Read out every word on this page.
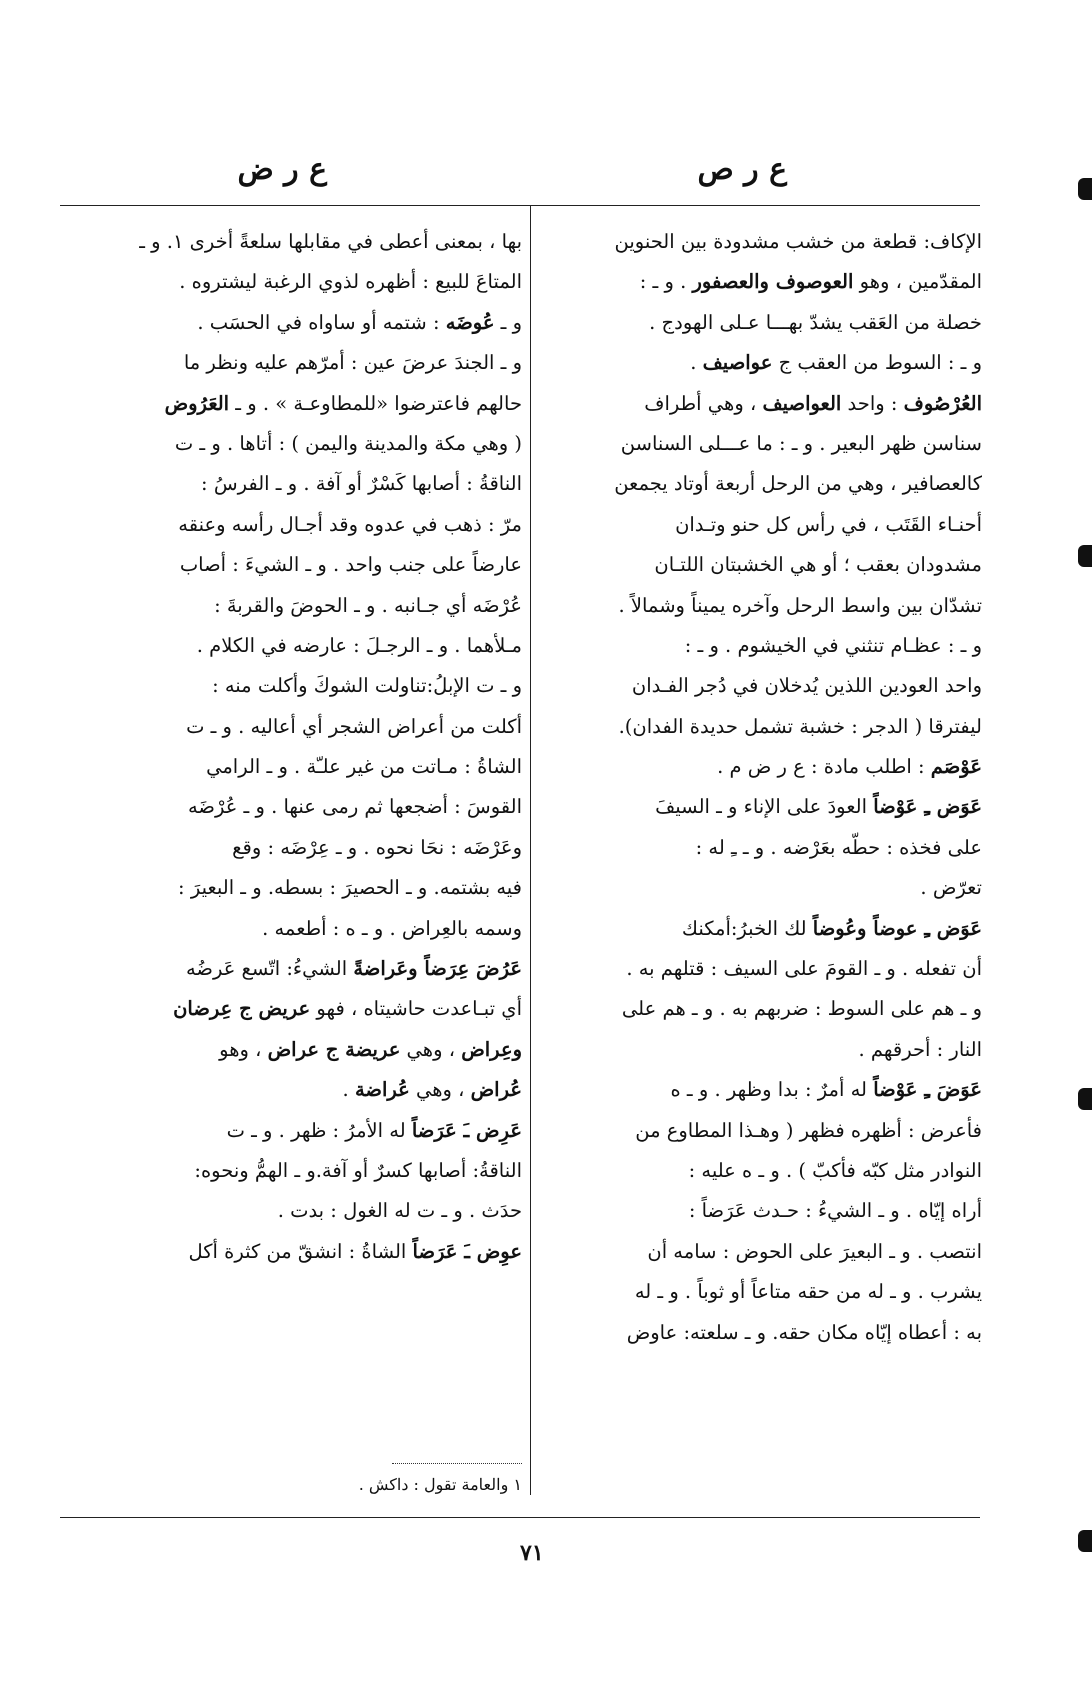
ع ر ص
ع ر ض
الإكاف: قطعة من خشب مشدودة بين الحنوين
المقدّمين ، وهو العوصوف والعصفور . و ـ :
خصلة من العَقب يشدّ بهـــا عـلى الهودج .
و ـ : السوط من العقب ج عواصيف .
العُرْصُوف : واحد العواصيف ، وهي أطراف
سناسن ظهر البعير . و ـ : ما عـــلى السناسن
كالعصافير ، وهي من الرحل أربعة أوتاد يجمعن
أحنـاء القَتَب ، في رأس كل حنو وتـدان
مشدودان بعقب ؛ أو هي الخشبتان اللتـان
تشدّان بين واسط الرحل وآخره يميناً وشمالاً .
و ـ : عظـام تنثني في الخيشوم . و ـ :
واحد العودين اللذين يُدخلان في دُجر الفـدان
ليفترقا ( الدجر : خشبة تشمل حديدة الفدان).
عَوْصَم : اطلب مادة : ع ر ض م .
عَوَض ـِ عَوْضاً العودَ على الإناء و ـ السيفَ
على فخذه : حطّه بعَرْضه . و ـ ـِ له :
تعرّض .
عَوَض ـِ عوضاً وعُوضاً لك الخبرُ:أمكنك
أن تفعله . و ـ القومَ على السيف : قتلهم به .
و ـ هم على السوط : ضربهم به . و ـ هم على
النار : أحرقهم .
عَوَضَ ـِ عَوْضاً له أمرٌ : بدا وظهر . و ـ ه
فأعرض : أظهره فظهر ( وهـذا المطاوع من
النوادر مثل كبّه فأكبّ ) . و ـ ه عليه :
أراه إيّاه . و ـ الشيءُ : حـدث عَرَضاً :
انتصب . و ـ البعيرَ على الحوض : سامه أن
يشرب . و ـ له من حقه متاعاً أو ثوباً . و ـ له
به : أعطاه إيّاه مكان حقه. و ـ سلعته: عاوض
بها ، بمعنى أعطى في مقابلها سلعةً أخرى ١. و ـ
المتاعَ للبيع : أظهره لذوي الرغبة ليشتروه .
و ـ عُوضَه : شتمه أو ساواه في الحسَب .
و ـ الجندَ عرضَ عين : أمرّهم عليه ونظر ما
حالهم فاعترضوا «للمطاوعـة » . و ـ العَرُوض
( وهي مكة والمدينة واليمن ) : أتاها . و ـ ت
الناقةُ : أصابها كَسْرٌ أو آفة . و ـ الفرسُ :
مرّ : ذهب في عدوه وقد أجـال رأسه وعنقه
عارضاً على جنب واحد . و ـ الشيءَ : أصاب
عُرْضَه أي جـانبه . و ـ الحوضَ والقربةَ :
مـلأهما . و ـ الرجـلَ : عارضه في الكلام .
و ـ ت الإبلُ:تناولت الشوكَ وأكلت منه :
أكلت من أعراض الشجر أي أعاليه . و ـ ت
الشاةُ : مـاتت من غير علـّة . و ـ الرامي
القوسَ : أضجعها ثم رمى عنها . و ـ عُرْضَه
وعَرْضَه : نحَا نحوه . و ـ عِرْضَه : وقع
فيه بشتمه. و ـ الحصيرَ : بسطه. و ـ البعيرَ :
وسمه بالعِراض . و ـ ه : أطعمه .
عَرُضَ عِرَضاً وعَراضةً الشيءُ: اتّسع عَرضُه
أي تبـاعدت حاشيتاه ، فهو عريض ج عِرضان
وعِراض ، وهي عريضة ج عراض ، وهو
عُراض ، وهي عُراضة .
عَرِض ـَ عَرَضاً له الأمرُ : ظهر . و ـ ت
الناقةُ: أصابها كسرٌ أو آفة.و ـ الهمُّ ونحوه:
حدَث . و ـ ت له الغول : بدت .
عوِض ـَ عَرَضاً الشاةُ : انشقّ من كثرة أكل
١ والعامة تقول : داكش .
٧١
